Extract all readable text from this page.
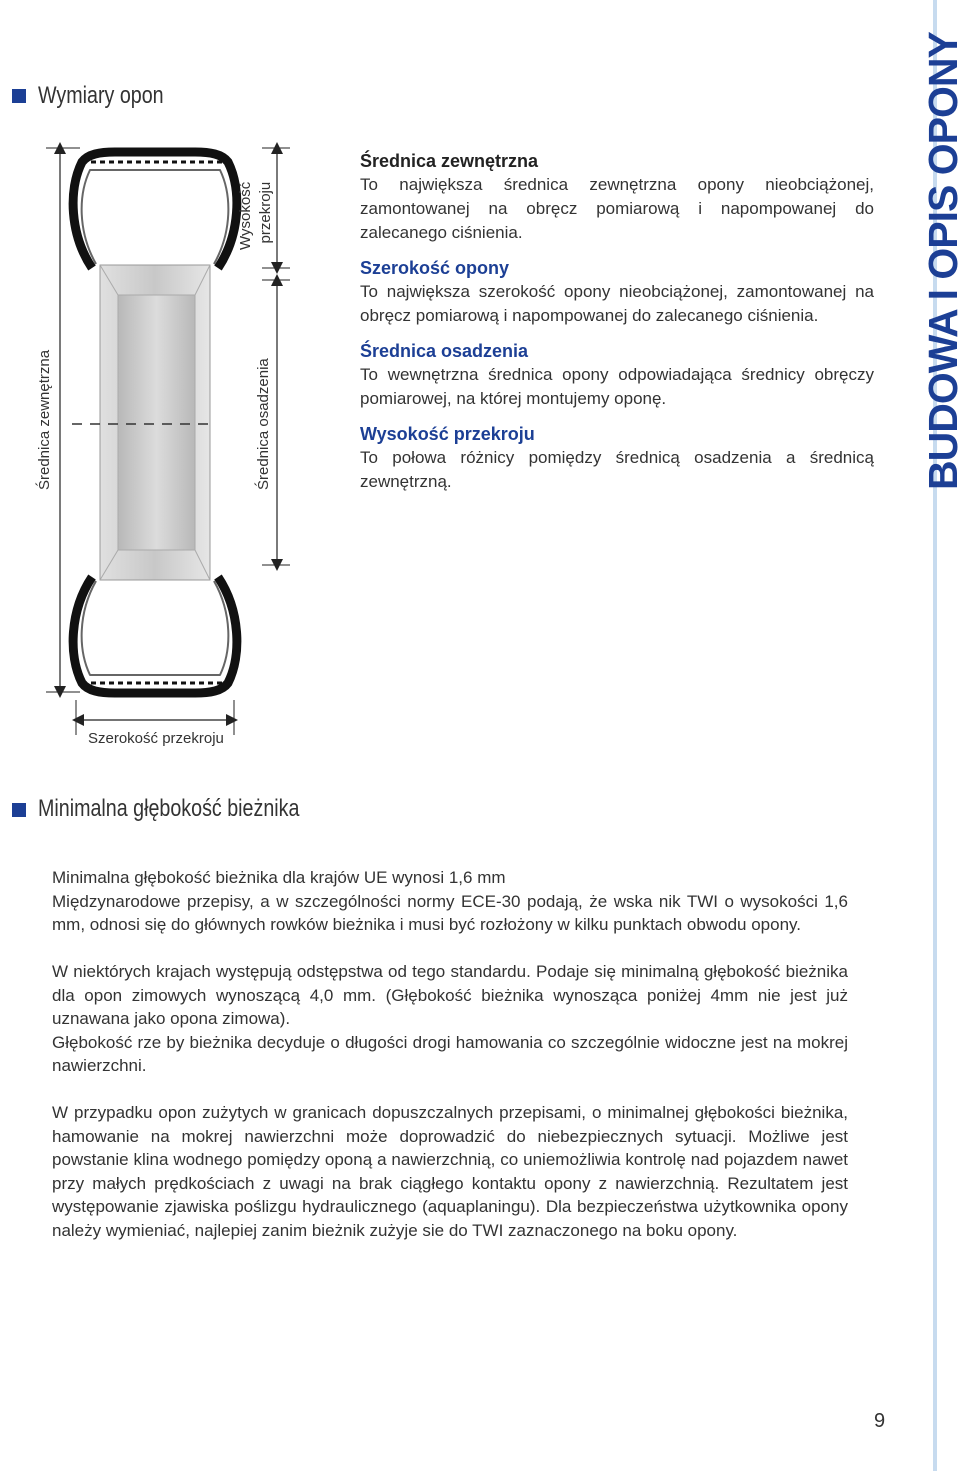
BUDOWA I OPIS OPONY
Wymiary opon
Średnica zewnętrzna
Wysokość przekroju
Średnica osadzenia
Szerokość przekroju
Średnica zewnętrzna
To największa średnica zewnętrzna opony nieobciążonej, zamontowanej na obręcz pomiarową i napompowanej do zalecanego ciśnienia.
Szerokość opony
To największa szerokość opony nieobciążonej, zamontowanej na obręcz pomiarową i napompowanej do zalecanego ciśnienia.
Średnica osadzenia
To wewnętrzna średnica opony odpowiadająca średnicy obręczy pomiarowej, na której montujemy oponę.
Wysokość przekroju
To połowa różnicy pomiędzy średnicą osadzenia a średnicą zewnętrzną.
Minimalna głębokość bieżnika

Minimalna głębokość bieżnika dla krajów UE wynosi 1,6 mm

Międzynarodowe przepisy, a w szczególności normy ECE-30 podają, że wska nik TWI o wysokości 1,6 mm, odnosi się do głównych rowków bieżnika i musi być rozłożony w kilku punktach obwodu opony.

W niektórych krajach występują odstępstwa od tego standardu. Podaje się minimalną głębokość bieżnika dla opon zimowych wynoszącą 4,0 mm. (Głębokość bieżnika wynosząca poniżej 4mm nie jest już uznawana jako opona zimowa).

Głębokość rze by bieżnika decyduje o długości drogi hamowania co szczególnie widoczne jest na mokrej nawierzchni.

W przypadku opon zużytych w granicach dopuszczalnych przepisami, o minimalnej głębokości bieżnika, hamowanie na mokrej nawierzchni może doprowadzić do niebezpiecznych sytuacji. Możliwe jest powstanie klina wodnego pomiędzy oponą a nawierzchnią, co uniemożliwia kontrolę nad pojazdem nawet przy małych prędkościach z uwagi na brak ciągłego kontaktu opony z nawierzchnią. Rezultatem jest występowanie zjawiska poślizgu hydraulicznego (aquaplaningu). Dla bezpieczeństwa użytkownika opony należy wymieniać, najlepiej zanim bieżnik zużyje sie do TWI zaznaczonego na boku opony.

9
